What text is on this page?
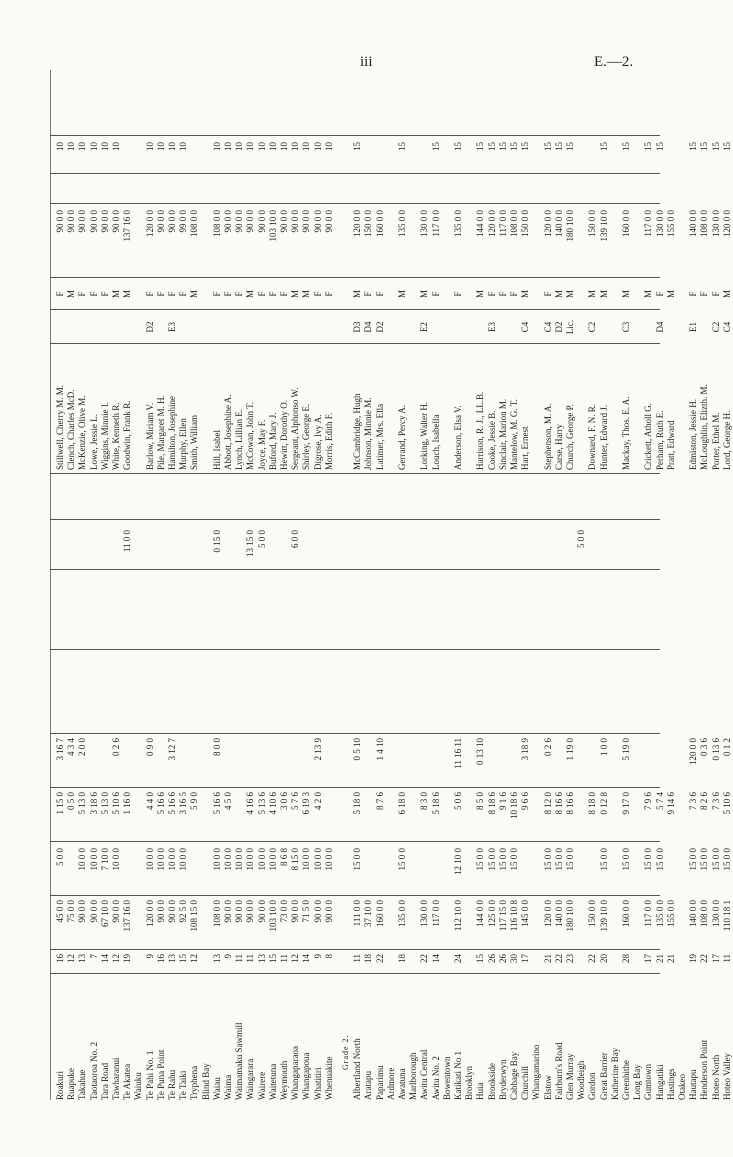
iii	E.—2.
Roakuri
16
45 0 0
5 0 0
1 15 0
3 16 7
Stillwell, Cherry M. M.
F
90 0 0
10
Ruapuke
12
75 0 0
0 5 0
4 3 4
Clench, Charles McD.
M
90 0 0
10
Takahue
13
90 0 0
10 0 0
5 13 0
2 0 0
McKenzie, Olive M.
F
90 0 0
10
Taotaoroa No. 2
7
90 0 0
10 0 0
3 18 6
Lowe, Jessie L.
F
90 0 0
10
Tara Road
14
67 10 0
7 10 0
5 13 0
Wiggins, Minnie I.
F
90 0 0
10
Tawharanui
12
90 0 0
10 0 0
5 10 6
0 2 6
White, Kenneth R.
M
90 0 0
10
Te Akatea
19
137 16 0
1 16 0
Goodwin, Frank R.
M
137 16 0
11 0 0
Waiuku Te Pahi No. 1
9
120 0 0
10 0 0
4 4 0
0 9 0
Barlow, Miriam V.
D2
F
120 0 0
10
Te Puna Point
16
90 0 0
10 0 0
5 16 6
Pile, Margaret M. H.
F
90 0 0
10
Te Rahu
13
90 0 0
10 0 0
5 16 6
3 12 7
Hamilton, Josephine
E3
F
90 0 0
10
Te Taiki
15
92 5 0
10 0 0
3 16 5
Murphy, Ellen
F
99 0 0
10
Tryphena
12
108 15 0
5 9 0
Smith, William
M
108 0 0
Blind Bay Waiau
13
108 0 0
10 0 0
5 16 6
8 0 0
Hill, Isabel
F
108 0 0
10
0 15 0
Waima
9
90 0 0
10 0 0
4 5 0
Abbott, Josephine A.
F
90 0 0
10
Waimamaku Sawmill
11
90 0 0
10 0 0
Lynch, Lillian E.
F
90 0 0
10
Waingarara
11
90 0 0
10 0 0
4 16 6
McCowan, John T.
M
90 0 0
10
13 15 0
Wairere
13
90 0 0
10 0 0
5 13 6
Joyce, May F.
F
90 0 0
10
5 0 0
Waitetuna
15
103 10 0
10 0 0
4 10 6
Buford, Mary J.
F
103 10 0
10
Weymouth
11
73 0 0
8 6 8
3 0 6
Hewitt, Dorothy O.
F
90 0 0
10
Whangaparaoa
12
90 0 0
8 15 0
5 7 6
Sergeant, Alphonso W.
M
90 0 0
10
6 0 0
Whangapoua
14
71 5 0
10 0 0
6 19 3
Shirley, George E.
M
90 0 0
10
Whatitiri
9
90 0 0
10 0 0
4 2 0
2 13 9
Digrose, Ivy A.
F
90 0 0
10
Whenuakite
8
90 0 0
10 0 0
Morris, Edith F.
F
90 0 0
10
Grade 2. Albertland North
11
111 0 0
15 0 0
5 18 0
0 5 10
McCambridge, Hugh
D3
M
120 0 0
15
Aratapu
18
37 10 0
Johnson, Minnie M.
D4
F
150 0 0
Paparimu
22
160 0 0
8 7 6
1 4 10
Latimer, Mrs. Ella
D2
F
160 0 0
Ardmore Awatuna
18
135 0 0
15 0 0
6 18 0
Gerrand, Percy A.
M
135 0 0
15
Marlborough Awitu Central
22
130 0 0
8 3 0
Lorking, Walter H.
E2
M
130 0 0
Awitu No. 2
14
117 0 0
5 18 6
Louch, Isabella
F
117 0 0
15
Bowentown Katikati No 1
24
112 10 0
12 10 0
5 0 6
11 16 11
Anderson, Elsa V.
F
135 0 0
15
Brooklyn Huia
15
144 0 0
15 0 0
8 5 0
0 13 10
Harrison, R. J., LL.B.
M
144 0 0
15
Brookside
26
125 0 0
15 0 0
8 18 6
Cooke, Jessie B.
E3
F
120 0 0
15
Bryderwyn
26
117 15 0
15 0 0
9 1 6
Sinclair, Marion M.
F
117 0 0
15
Cabbage Bay
30
116 10 8
15 0 0
10 18 6
Mantelow, M. G. T.
F
108 0 0
15
Churchill
17
145 0 0
9 6 6
3 18 9
Hart, Ernest
C4
M
150 0 0
15
Whangamarino Elstow
21
120 0 0
15 0 0
8 12 0
0 2 6
Stephenson, M. A.
C4
F
120 0 0
15
Fairburn's Road
22
140 0 0
15 0 0
8 16 6
Carse, Harry
D2
M
140 0 0
15
Glen Murray
23
180 10 0
15 0 0
8 16 6
1 19 0
Church, George P.
Lic.
M
180 10 0
15
Woodleigh
5 0 0
Gordon
22
150 0 0
8 18 0
Downard, F. N. R.
C2
M
150 0 0
Great Barrier
20
139 10 0
15 0 0
0 12 8
1 0 0
Hunter, Edward J.
M
139 10 0
15
Katherine Bay Greenhithe
28
160 0 0
15 0 0
9 17 0
5 19 0
Mackay, Thos. E. A.
C3
M
160 0 0
15
Long Bay Gumtown
17
117 0 0
15 0 0
7 9 6
Crickett, Atholl G.
M
117 0 0
15
Hangatiki
21
135 0 0
15 0 0
5 7 4
Perham, Ruth E.
D4
F
130 0 0
15
Hastings
21
155 0 0
9 14 6
Pratt, Edward
M
155 0 0
Otakeo Hautapu
19
140 0 0
15 0 0
7 3 6
120 0 0
Edmiston, Jessie H.
E1
F
140 0 0
15
Henderson Point
22
108 0 0
15 0 0
8 2 6
0 3 6
McLoughlin, Elizth. M.
F
108 0 0
15
Hoteo North
17
130 0 0
15 0 0
7 3 6
0 13 6
Porter, Ethel M.
C2
F
130 0 0
15
Hoteo Valley
11
110 18 1
15 0 0
5 10 6
0 1 2
Lord, George H.
C4
M
120 0 0
15
